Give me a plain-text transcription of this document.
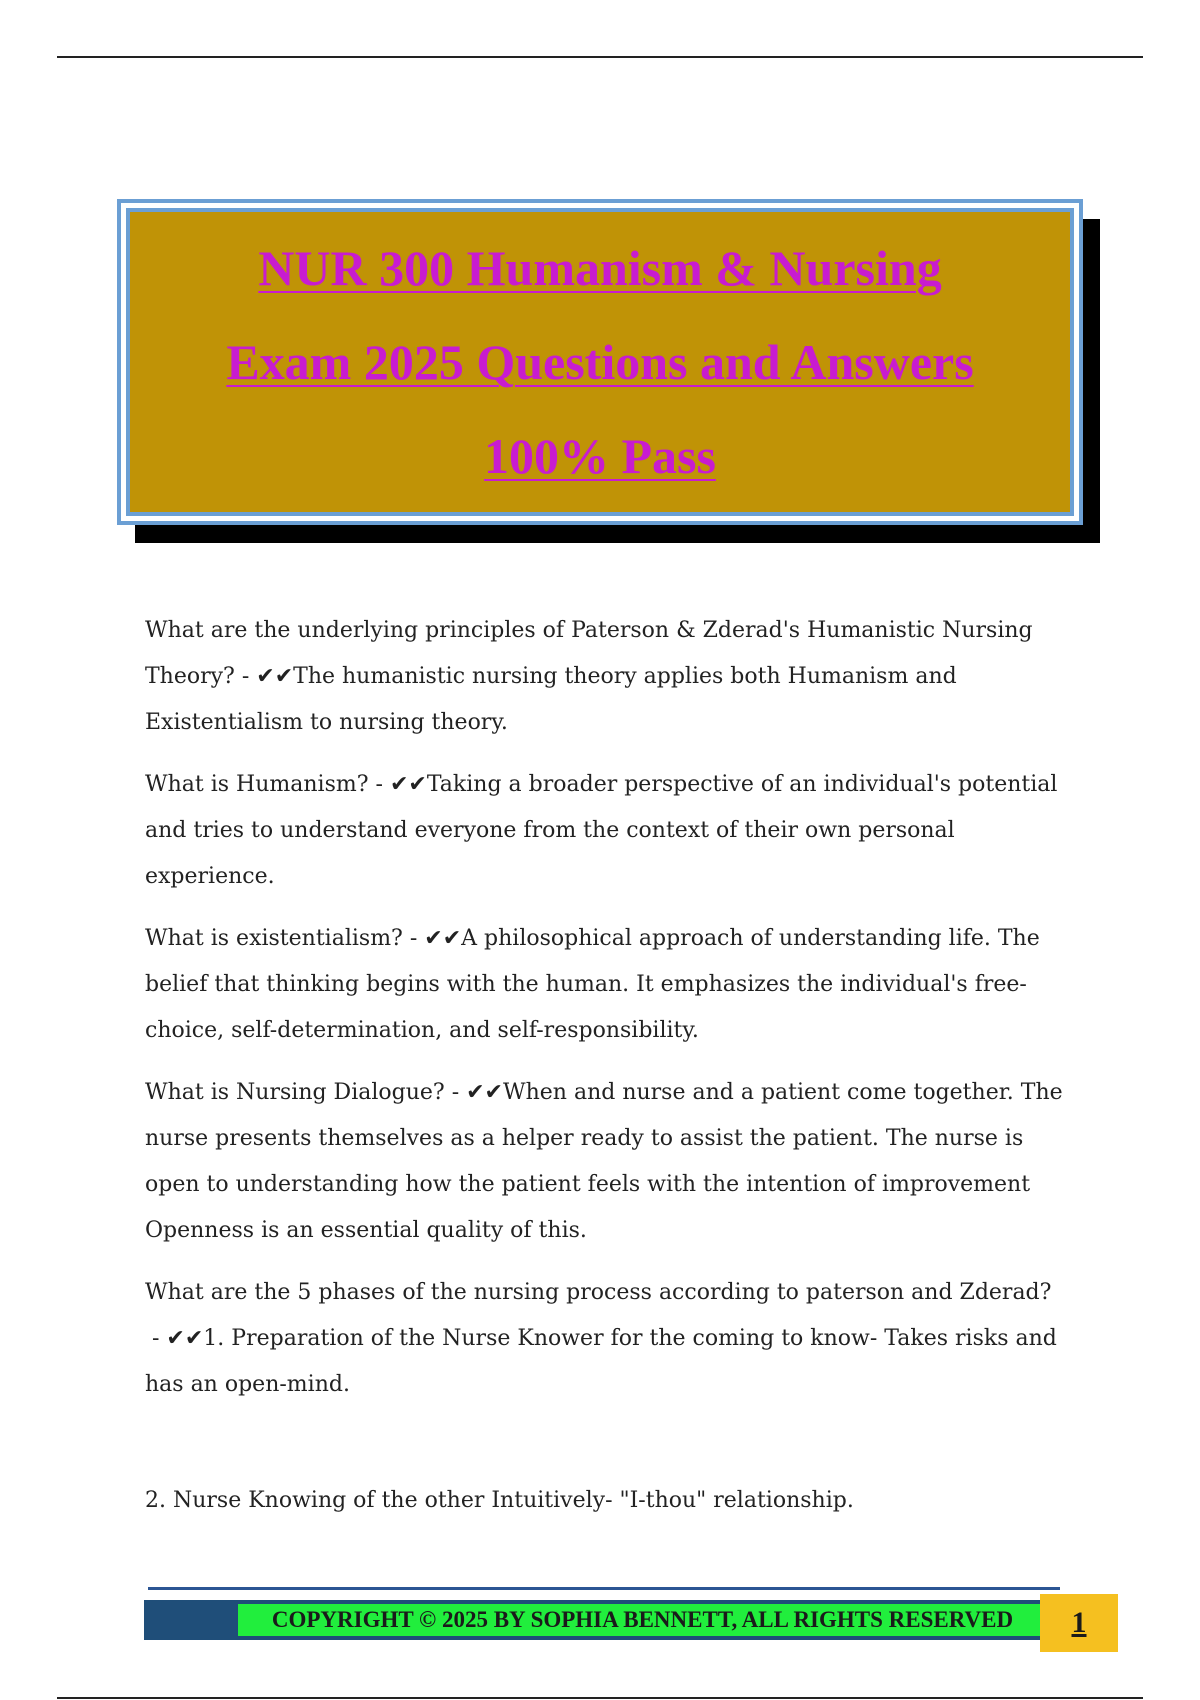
NUR 300 Humanism & Nursing
Exam 2025 Questions and Answers
100% Pass

What are the underlying principles of Paterson & Zderad's Humanistic Nursing Theory? - ✔✔The humanistic nursing theory applies both Humanism and Existentialism to nursing theory.

What is Humanism? - ✔✔Taking a broader perspective of an individual's potential and tries to understand everyone from the context of their own personal experience.

What is existentialism? - ✔✔A philosophical approach of understanding life. The belief that thinking begins with the human. It emphasizes the individual's free-choice, self-determination, and self-responsibility.

What is Nursing Dialogue? - ✔✔When and nurse and a patient come together. The nurse presents themselves as a helper ready to assist the patient. The nurse is open to understanding how the patient feels with the intention of improvement Openness is an essential quality of this.

What are the 5 phases of the nursing process according to paterson and Zderad? - ✔✔1. Preparation of the Nurse Knower for the coming to know- Takes risks and has an open-mind.

2. Nurse Knowing of the other Intuitively- "I-thou" relationship.

COPYRIGHT © 2025 BY SOPHIA BENNETT, ALL RIGHTS RESERVED	1
